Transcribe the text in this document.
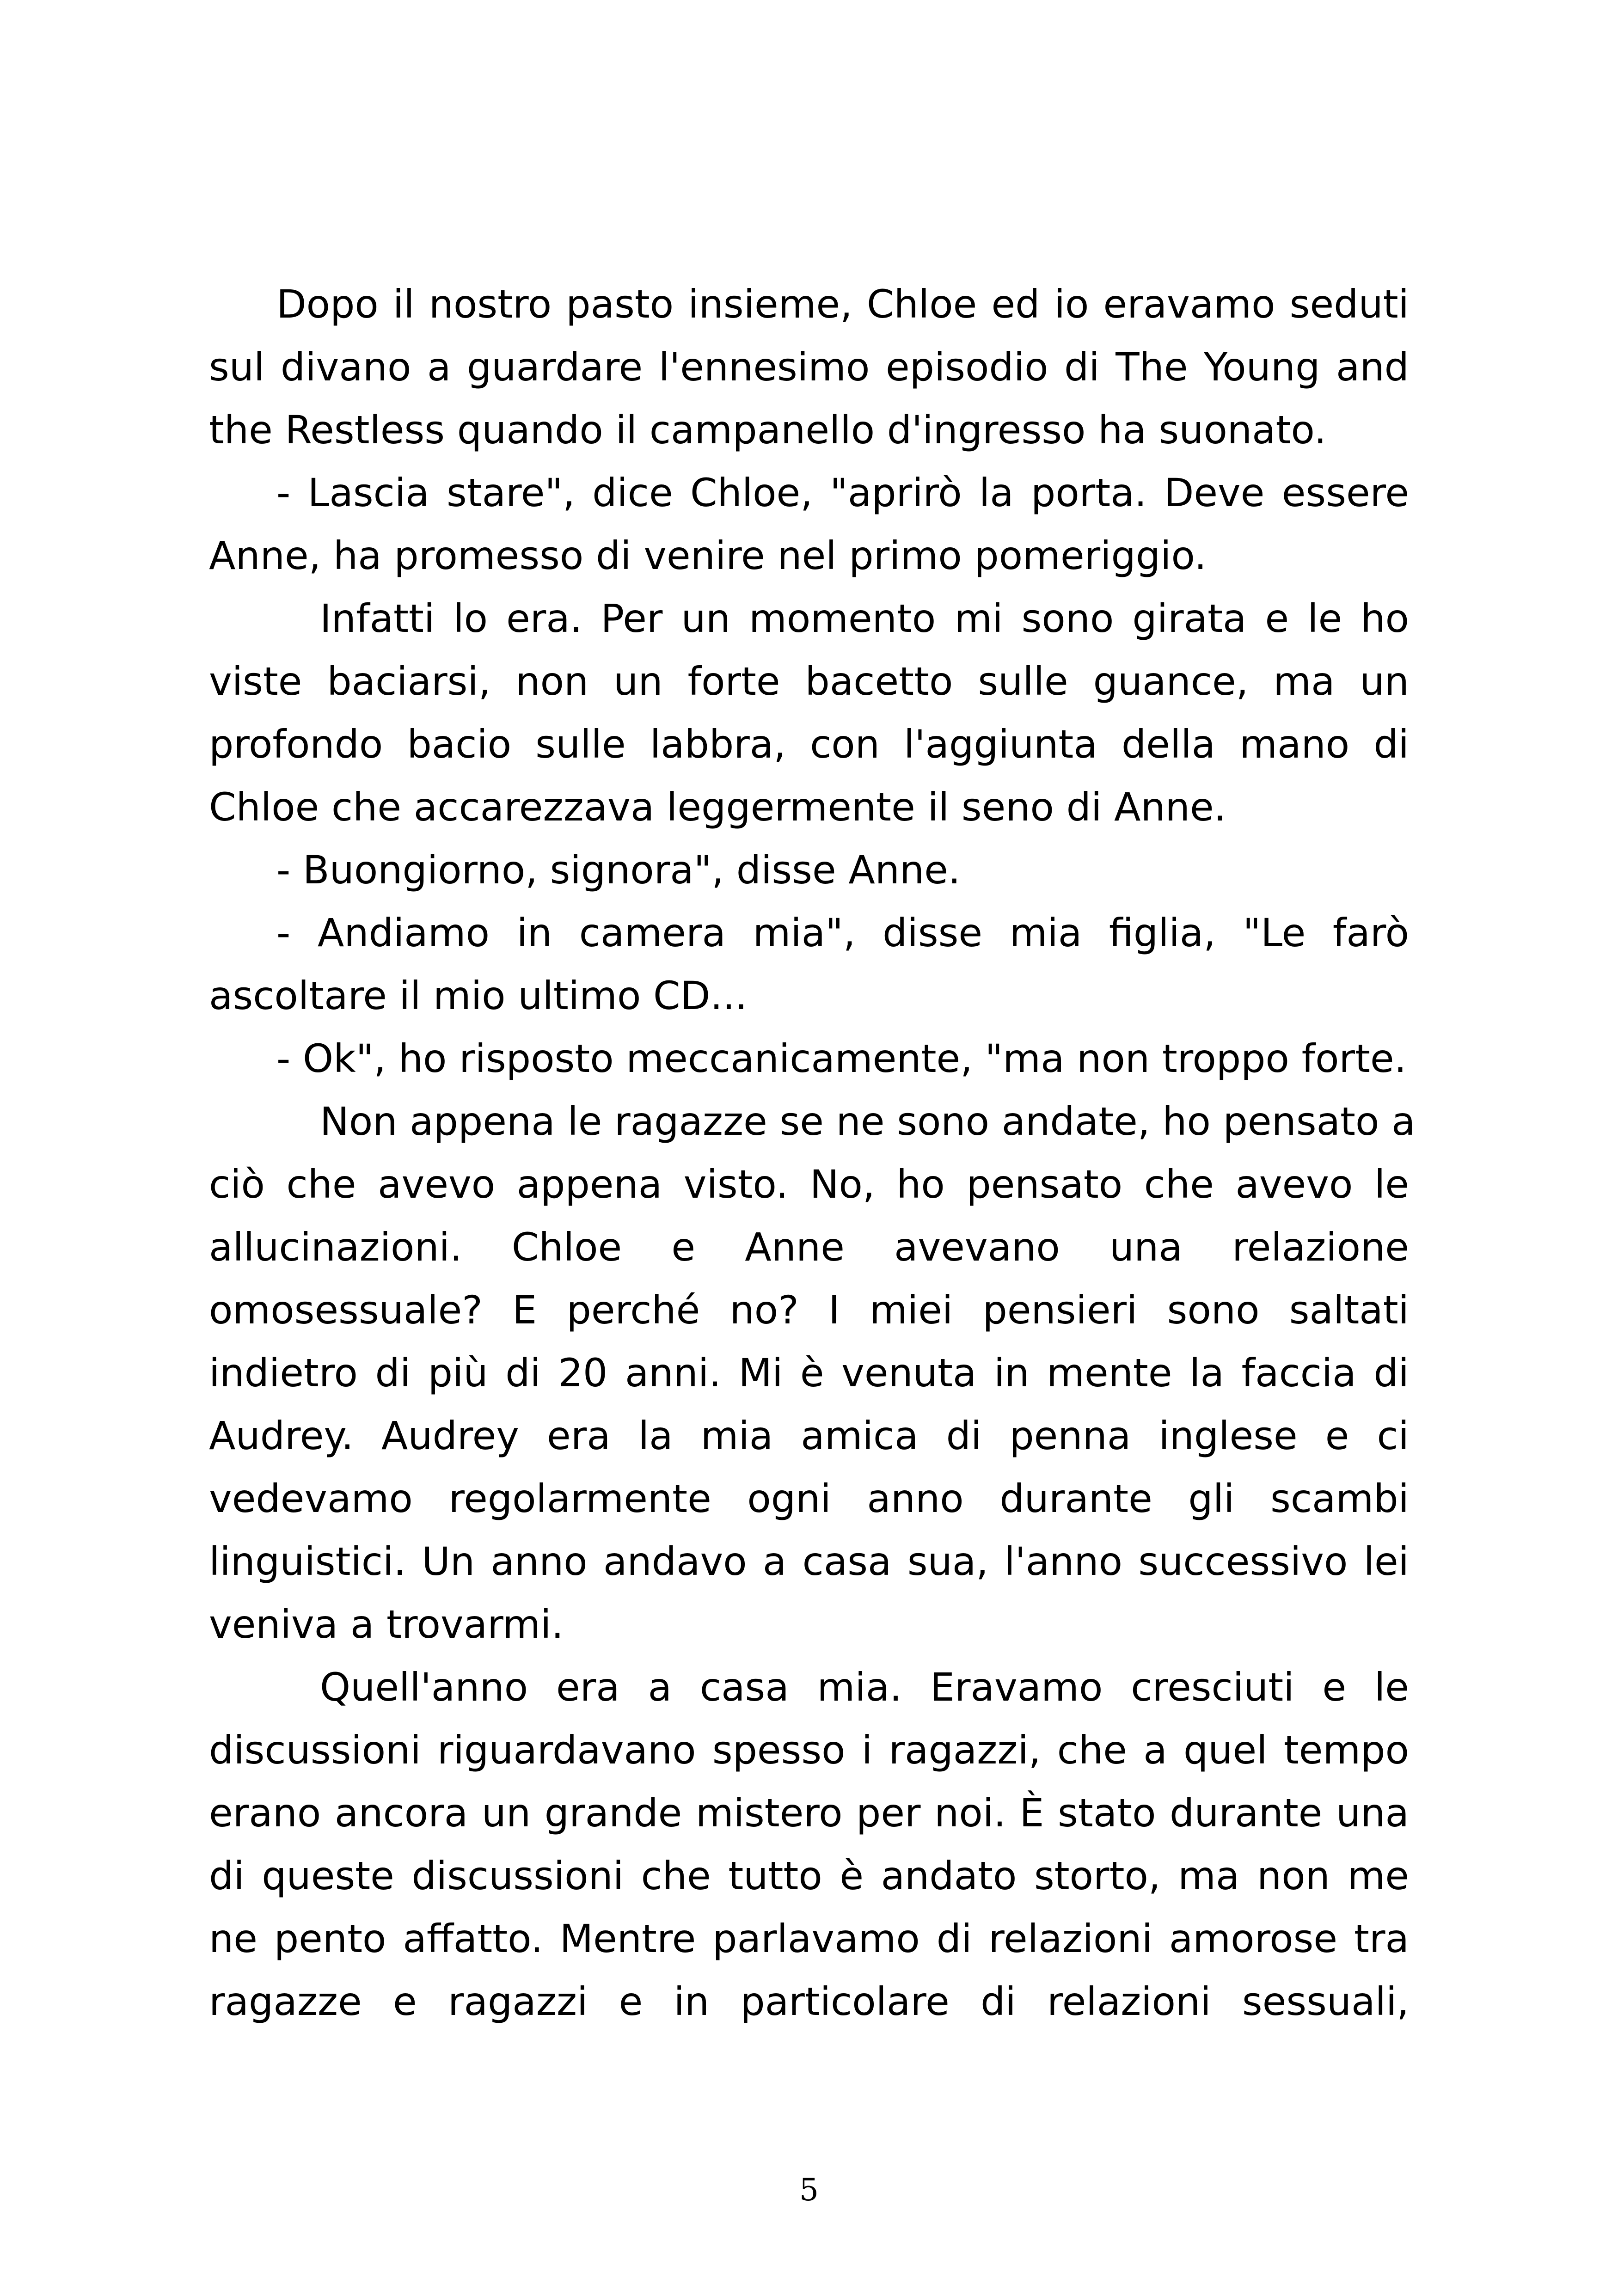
Dopo il nostro pasto insieme, Chloe ed io eravamo seduti
sul divano a guardare l'ennesimo episodio di The Young and
the Restless quando il campanello d'ingresso ha suonato.
- Lascia stare", dice Chloe, "aprirò la porta. Deve essere
Anne, ha promesso di venire nel primo pomeriggio.
Infatti lo era. Per un momento mi sono girata e le ho
viste baciarsi, non un forte bacetto sulle guance, ma un
profondo bacio sulle labbra, con l'aggiunta della mano di
Chloe che accarezzava leggermente il seno di Anne.
- Buongiorno, signora", disse Anne.
- Andiamo in camera mia", disse mia figlia, "Le farò
ascoltare il mio ultimo CD...
- Ok", ho risposto meccanicamente, "ma non troppo forte.
Non appena le ragazze se ne sono andate, ho pensato a
ciò che avevo appena visto. No, ho pensato che avevo le
allucinazioni. Chloe e Anne avevano una relazione
omosessuale? E perché no? I miei pensieri sono saltati
indietro di più di 20 anni. Mi è venuta in mente la faccia di
Audrey. Audrey era la mia amica di penna inglese e ci
vedevamo regolarmente ogni anno durante gli scambi
linguistici. Un anno andavo a casa sua, l'anno successivo lei
veniva a trovarmi.
Quell'anno era a casa mia. Eravamo cresciuti e le
discussioni riguardavano spesso i ragazzi, che a quel tempo
erano ancora un grande mistero per noi. È stato durante una
di queste discussioni che tutto è andato storto, ma non me
ne pento affatto. Mentre parlavamo di relazioni amorose tra
ragazze e ragazzi e in particolare di relazioni sessuali,
5
